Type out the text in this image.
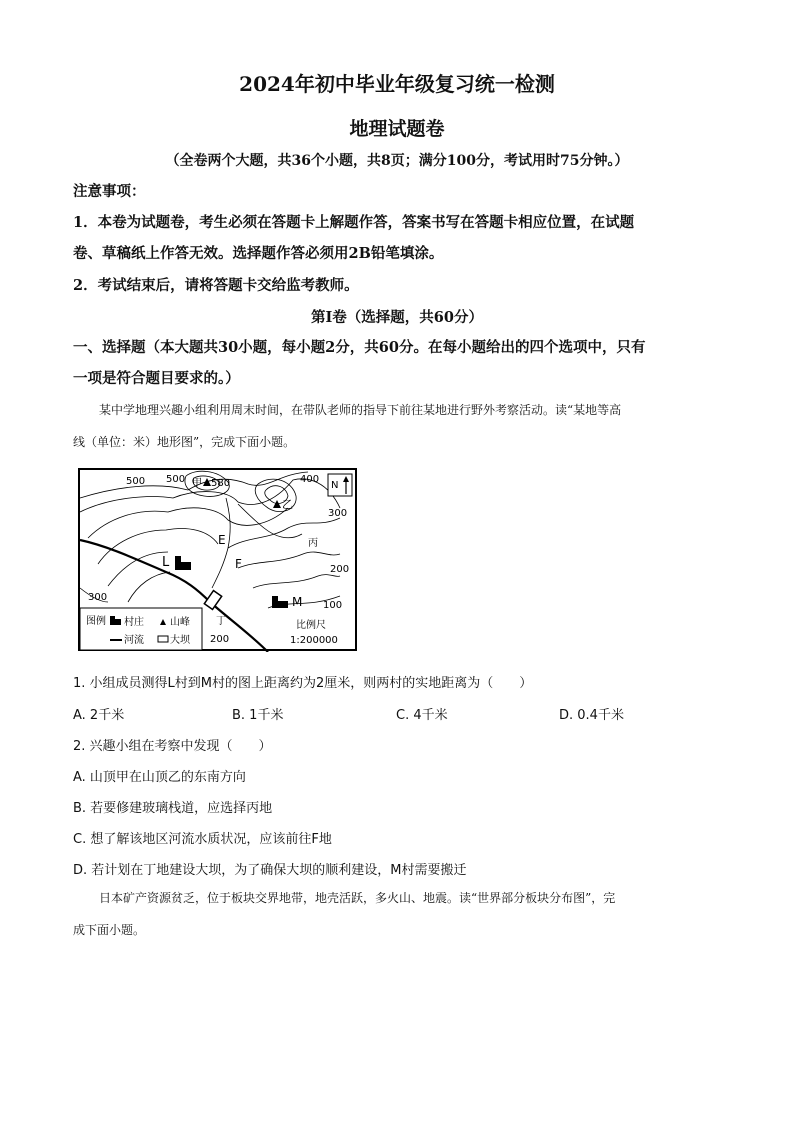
2024年初中毕业年级复习统一检测
地理试题卷
（全卷两个大题，共36个小题，共8页；满分100分，考试用时75分钟。）
注意事项：
1．本卷为试题卷，考生必须在答题卡上解题作答，答案书写在答题卡相应位置，在试题
卷、草稿纸上作答无效。选择题作答必须用2B铅笔填涂。
2．考试结束后，请将答题卡交给监考教师。
第Ⅰ卷（选择题，共60分）
一、选择题（本大题共30小题，每小题2分，共60分。在每小题给出的四个选项中，只有
一项是符合题目要求的。）
某中学地理兴趣小组利用周末时间，在带队老师的指导下前往某地进行野外考察活动。读“某地等高
线（单位：米）地形图”，完成下面小题。
N
500 500	580	400
300
200
100
300
200
甲
乙
E
F
L
M
丙
丁
图例 村庄	山峰
河流	大坝
比例尺
1:200000
1. 小组成员测得L村到M村的图上距离约为2厘米，则两村的实地距离为（　　）
A. 2千米	B. 1千米	C. 4千米	D. 0.4千米
2. 兴趣小组在考察中发现（　　）
A. 山顶甲在山顶乙的东南方向
B. 若要修建玻璃栈道，应选择丙地
C. 想了解该地区河流水质状况，应该前往F地
D. 若计划在丁地建设大坝，为了确保大坝的顺利建设，M村需要搬迁
日本矿产资源贫乏，位于板块交界地带，地壳活跃，多火山、地震。读“世界部分板块分布图”，完
成下面小题。
